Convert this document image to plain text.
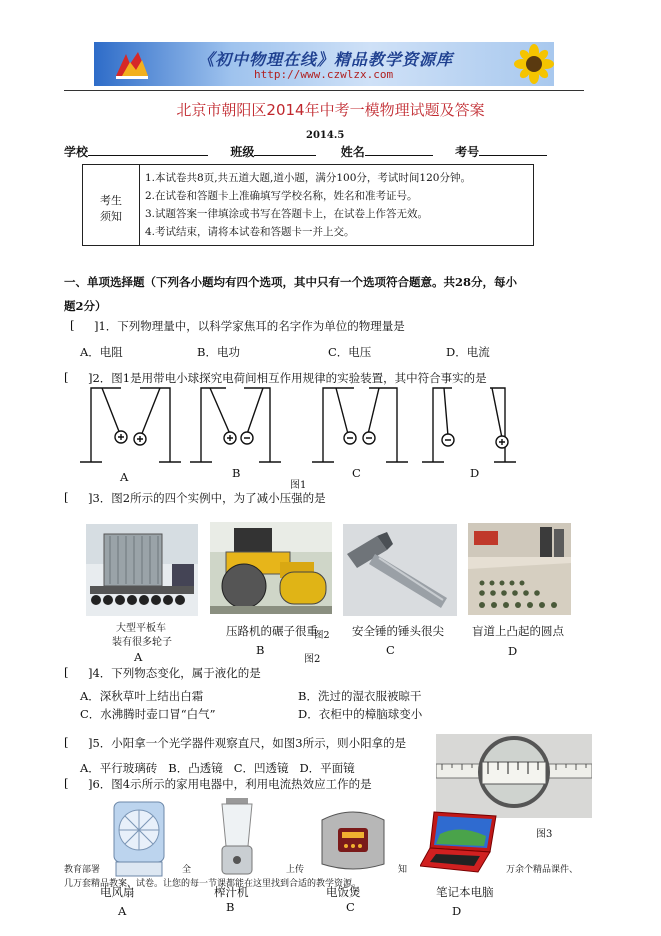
《初中物理在线》精品教学资源库
http://www.czwlzx.com
北京市朝阳区2014年中考一模物理试题及答案
2014.5
学校	班级	姓名	考号
考生
须知
1.本试卷共8页,共五道大题,道小题，满分100分，考试时间120分钟。
2.在试卷和答题卡上准确填写学校名称，姓名和准考证号。
3.试题答案一律填涂或书写在答题卡上，在试卷上作答无效。
4.考试结束，请将本试卷和答题卡一并上交。
一、单项选择题（下列各小题均有四个选项，其中只有一个选项符合题意。共28分，每小
题2分）
[ ]1．下列物理量中，以科学家焦耳的名字作为单位的物理量是
A．电阻	B．电功	C．电压	D．电流
[ ]2．图1是用带电小球探究电荷间相互作用规律的实验装置，其中符合事实的是
A	B	C	D
图1
[ ]3．图2所示的四个实例中，为了减小压强的是
大型平板车
装有很多轮子
A
压路机的碾子很重
图2
B
图2
安全锤的锤头很尖
C
盲道上凸起的圆点
D
[ ]4．下列物态变化，属于液化的是
A．深秋草叶上结出白霜	B．洗过的湿衣服被晾干
C．水沸腾时壶口冒“白气”	D．衣柜中的樟脑球变小
[ ]5．小阳拿一个光学器件观察直尺，如图3所示，则小阳拿的是
A．平行玻璃砖   B．凸透镜   C．凹透镜   D．平面镜
图3
[ ]6．图4示所示的家用电器中，利用电流热效应工作的是
教育部署	全	上传	知	万余个精品课件、
几万套精品教案、试卷。让您的每一节课都能在这里找到合适的教学资源。
电风扇	榨汁机	电饭煲	笔记本电脑
A	B	C	D
